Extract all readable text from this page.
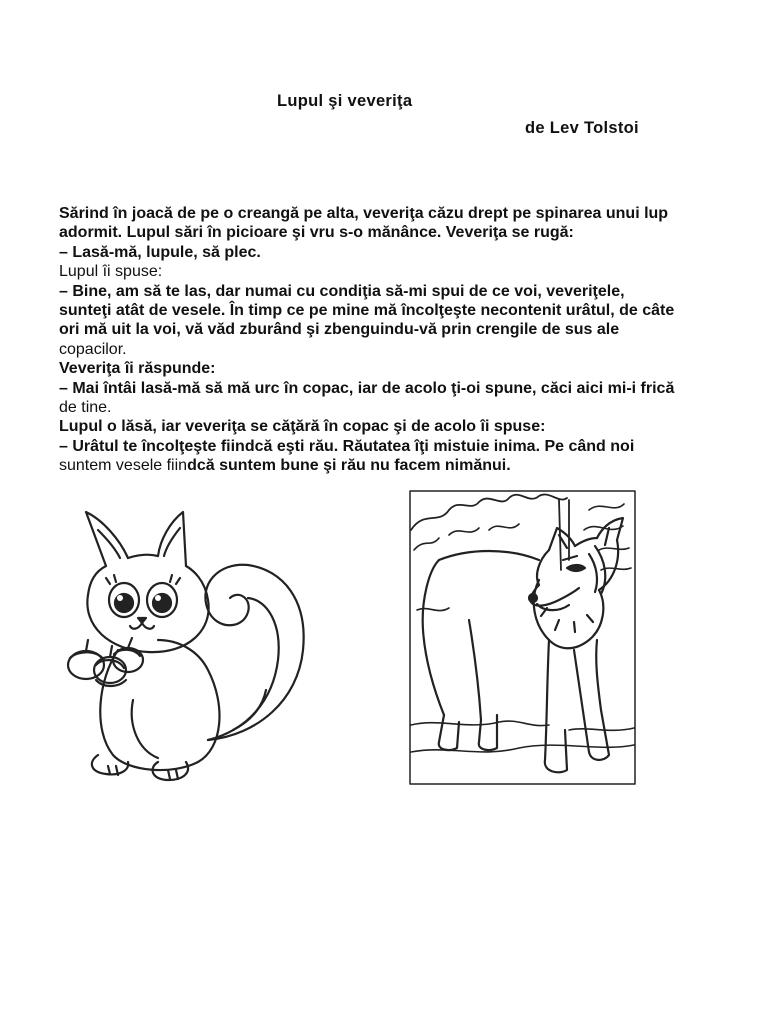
Lupul şi veveriţa
de Lev Tolstoi
Sărind în joacă de pe o creangă pe alta, veveriţa căzu drept pe spinarea unui lup
adormit. Lupul sări în picioare şi vru s-o mănânce. Veveriţa se rugă:
– Lasă-mă, lupule, să plec.
Lupul îi spuse:
– Bine, am să te las, dar numai cu condiţia să-mi spui de ce voi, veveriţele,
sunteţi atât de vesele. În timp ce pe mine mă încolţeşte necontenit urâtul, de câte
ori mă uit la voi, vă văd zburând şi zbenguindu-vă prin crengile de sus ale
copacilor.
Veveriţa îi răspunde:
– Mai întâi lasă-mă să mă urc în copac, iar de acolo ţi-oi spune, căci aici mi-i frică
de tine.
Lupul o lăsă, iar veveriţa se căţără în copac şi de acolo îi spuse:
– Urâtul te încolţeşte fiindcă eşti rău. Răutatea îţi mistuie inima. Pe când noi
suntem vesele fiindcă suntem bune şi rău nu facem nimănui.
